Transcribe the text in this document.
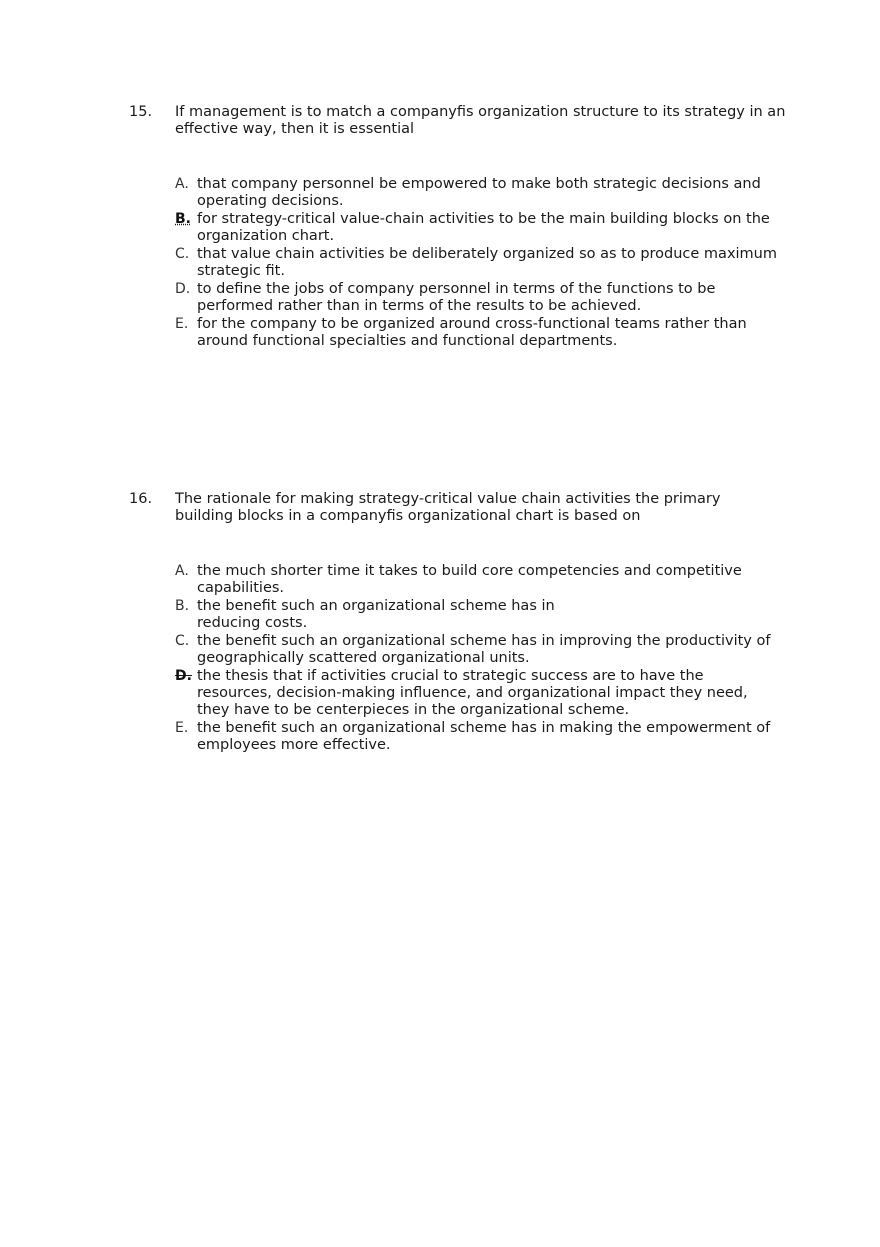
15. If management is to match a companyfis organization structure to its strategy in an effective way, then it is essential
A. that company personnel be empowered to make both strategic decisions and operating decisions.
B. for strategy-critical value-chain activities to be the main building blocks on the organization chart.
C. that value chain activities be deliberately organized so as to produce maximum strategic fit.
D. to define the jobs of company personnel in terms of the functions to be performed rather than in terms of the results to be achieved.
E. for the company to be organized around cross-functional teams rather than around functional specialties and functional departments.
16. The rationale for making strategy-critical value chain activities the primary building blocks in a companyfis organizational chart is based on
A. the much shorter time it takes to build core competencies and competitive capabilities.
B. the benefit such an organizational scheme has in reducing costs.
C. the benefit such an organizational scheme has in improving the productivity of geographically scattered organizational units.
D. the thesis that if activities crucial to strategic success are to have the resources, decision-making influence, and organizational impact they need, they have to be centerpieces in the organizational scheme.
E. the benefit such an organizational scheme has in making the empowerment of employees more effective.
